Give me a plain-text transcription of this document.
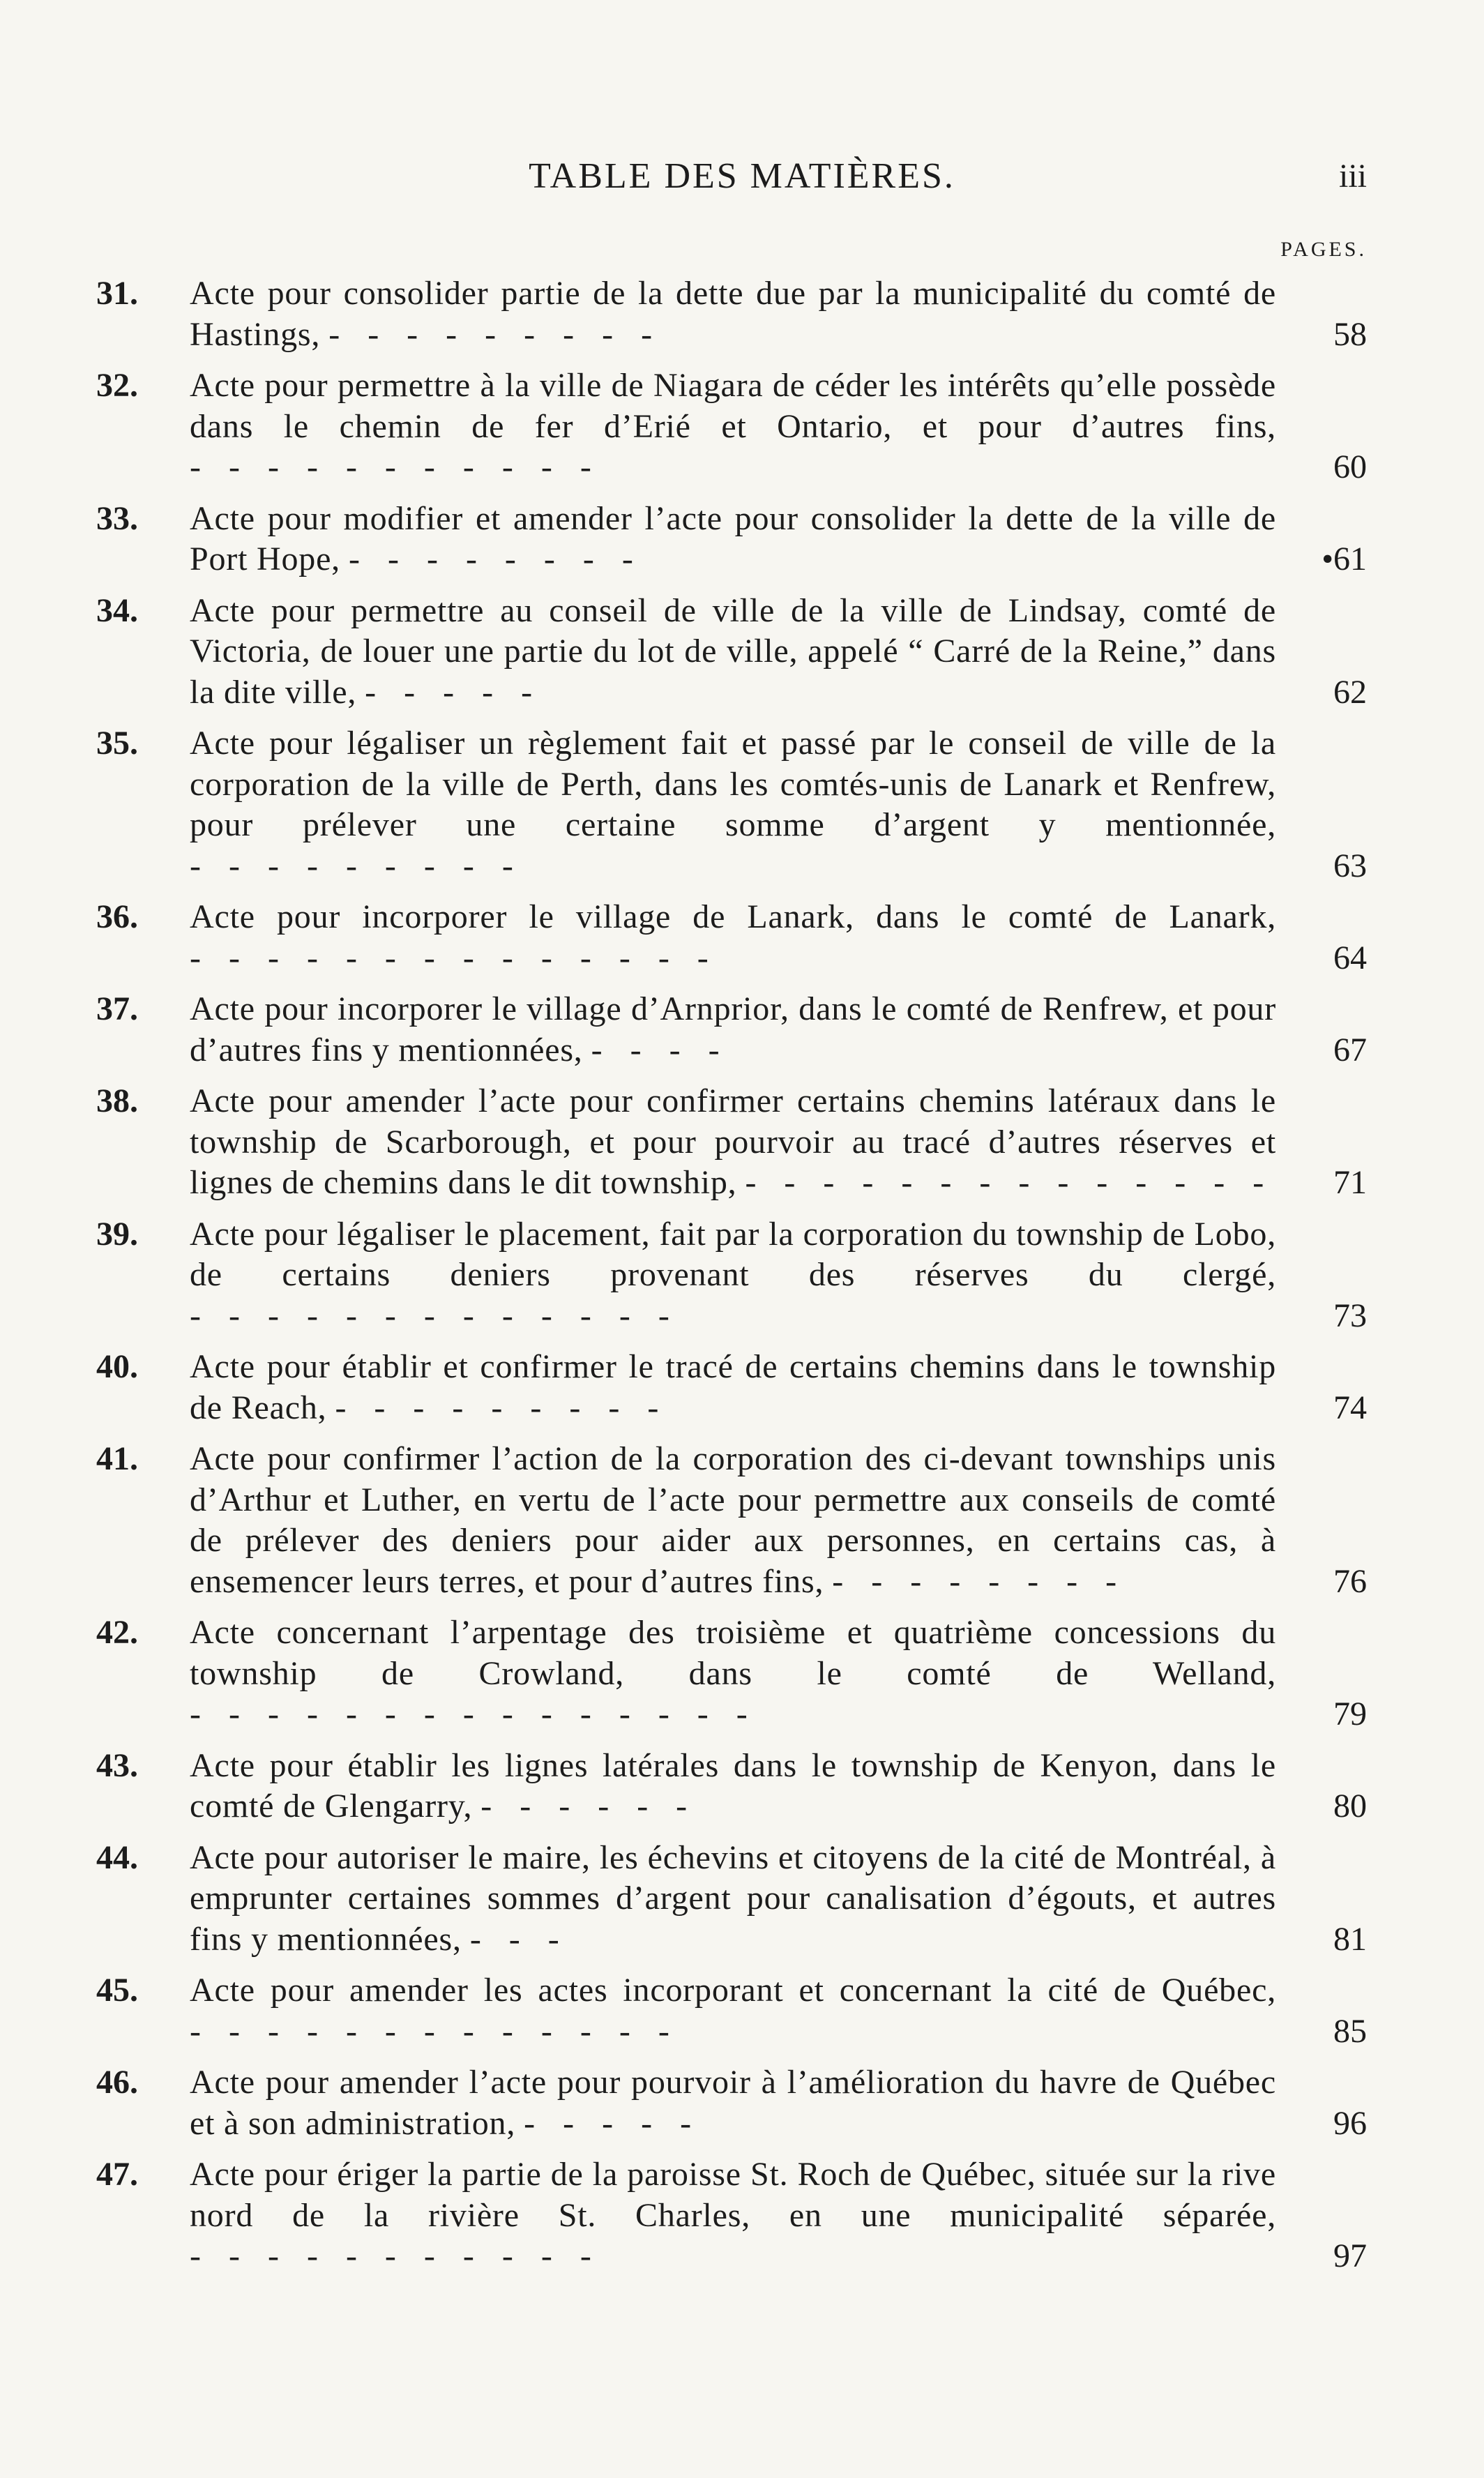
TABLE DES MATIÈRES.	iii
PAGES.
31. Acte pour consolider partie de la dette due par la municipalité du comté de Hastings, - - - - - - - - -	58
32. Acte pour permettre à la ville de Niagara de céder les intérêts qu’elle possède dans le chemin de fer d’Erié et Ontario, et pour d’autres fins, - - - - - - - - - - -	60
33. Acte pour modifier et amender l’acte pour consolider la dette de la ville de Port Hope, - - - - - - - -	•61
34. Acte pour permettre au conseil de ville de la ville de Lindsay, comté de Victoria, de louer une partie du lot de ville, appelé “ Carré de la Reine,” dans la dite ville, - - - - -	62
35. Acte pour légaliser un règlement fait et passé par le conseil de ville de la corporation de la ville de Perth, dans les comtés-unis de Lanark et Renfrew, pour prélever une certaine somme d’argent y mentionnée, - - - - - - - - -	63
36. Acte pour incorporer le village de Lanark, dans le comté de Lanark, - - - - - - - - - - - - - -	64
37. Acte pour incorporer le village d’Arnprior, dans le comté de Renfrew, et pour d’autres fins y mentionnées, - - - -	67
38. Acte pour amender l’acte pour confirmer certains chemins latéraux dans le township de Scarborough, et pour pourvoir au tracé d’autres réserves et lignes de chemins dans le dit township, - - - - - - - - - - - - - -	71
39. Acte pour légaliser le placement, fait par la corporation du township de Lobo, de certains deniers provenant des réserves du clergé, - - - - - - - - - - - - -	73
40. Acte pour établir et confirmer le tracé de certains chemins dans le township de Reach, - - - - - - - - -	74
41. Acte pour confirmer l’action de la corporation des ci-devant townships unis d’Arthur et Luther, en vertu de l’acte pour permettre aux conseils de comté de prélever des deniers pour aider aux personnes, en certains cas, à ensemencer leurs terres, et pour d’autres fins, - - - - - - - -	76
42. Acte concernant l’arpentage des troisième et quatrième concessions du township de Crowland, dans le comté de Welland, - - - - - - - - - - - - - - -	79
43. Acte pour établir les lignes latérales dans le township de Kenyon, dans le comté de Glengarry, - - - - - -	80
44. Acte pour autoriser le maire, les échevins et citoyens de la cité de Montréal, à emprunter certaines sommes d’argent pour canalisation d’égouts, et autres fins y mentionnées, - - -	81
45. Acte pour amender les actes incorporant et concernant la cité de Québec, - - - - - - - - - - - - -	85
46. Acte pour amender l’acte pour pourvoir à l’amélioration du havre de Québec et à son administration, - - - - -	96
47. Acte pour ériger la partie de la paroisse St. Roch de Québec, située sur la rive nord de la rivière St. Charles, en une municipalité séparée, - - - - - - - - - - -	97
